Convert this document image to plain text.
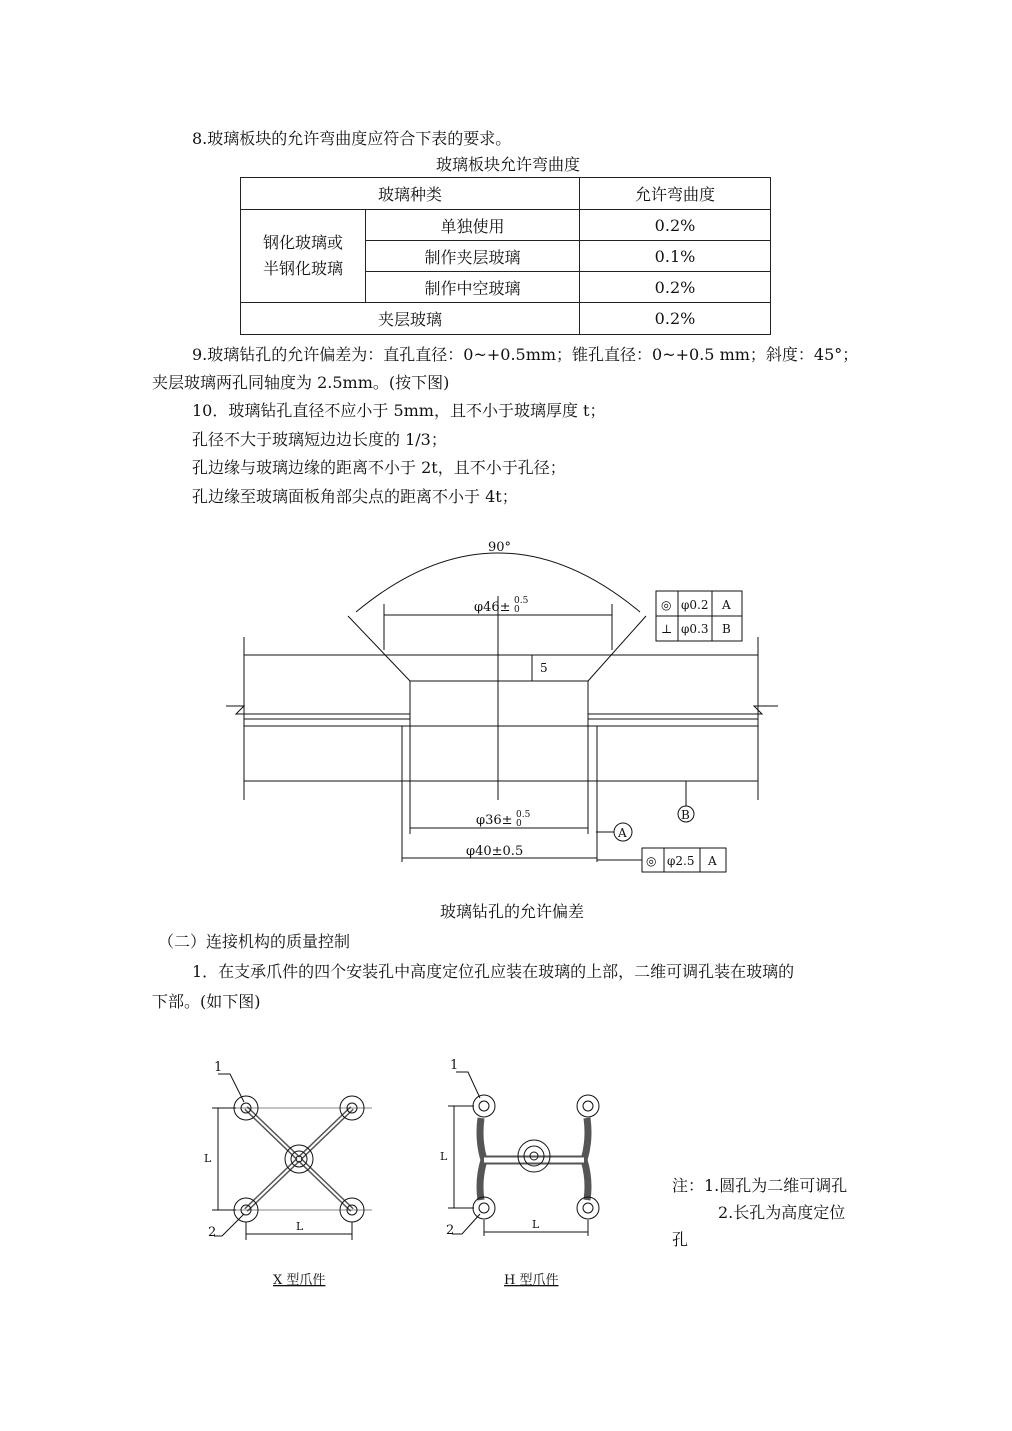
8.玻璃板块的允许弯曲度应符合下表的要求。
玻璃板块允许弯曲度
玻璃种类		允许弯曲度
钢化玻璃或
半钢化玻璃	单独使用	0.2%
	制作夹层玻璃	0.1%
	制作中空玻璃	0.2%
夹层玻璃		0.2%
9.玻璃钻孔的允许偏差为：直孔直径：0~+0.5mm；锥孔直径：0~+0.5 mm；斜度：45°；
夹层玻璃两孔同轴度为 2.5mm。(按下图)
10．玻璃钻孔直径不应小于 5mm，且不小于玻璃厚度 t；
孔径不大于玻璃短边边长度的 1/3；
孔边缘与玻璃边缘的距离不小于 2t，且不小于孔径；
孔边缘至玻璃面板角部尖点的距离不小于 4t；
90°
φ46± 0.5
0
5
φ36± 0.5
0
A
B
φ40±0.5
◎ φ0.2 A
⊥ φ0.3 B
◎ φ2.5 A
玻璃钻孔的允许偏差
（二）连接机构的质量控制
1．在支承爪件的四个安装孔中高度定位孔应装在玻璃的上部，二维可调孔装在玻璃的
下部。(如下图)
L
L
1
2
X 型爪件
L
L
1
2
H 型爪件
注：1.圆孔为二维可调孔
2.长孔为高度定位
孔
